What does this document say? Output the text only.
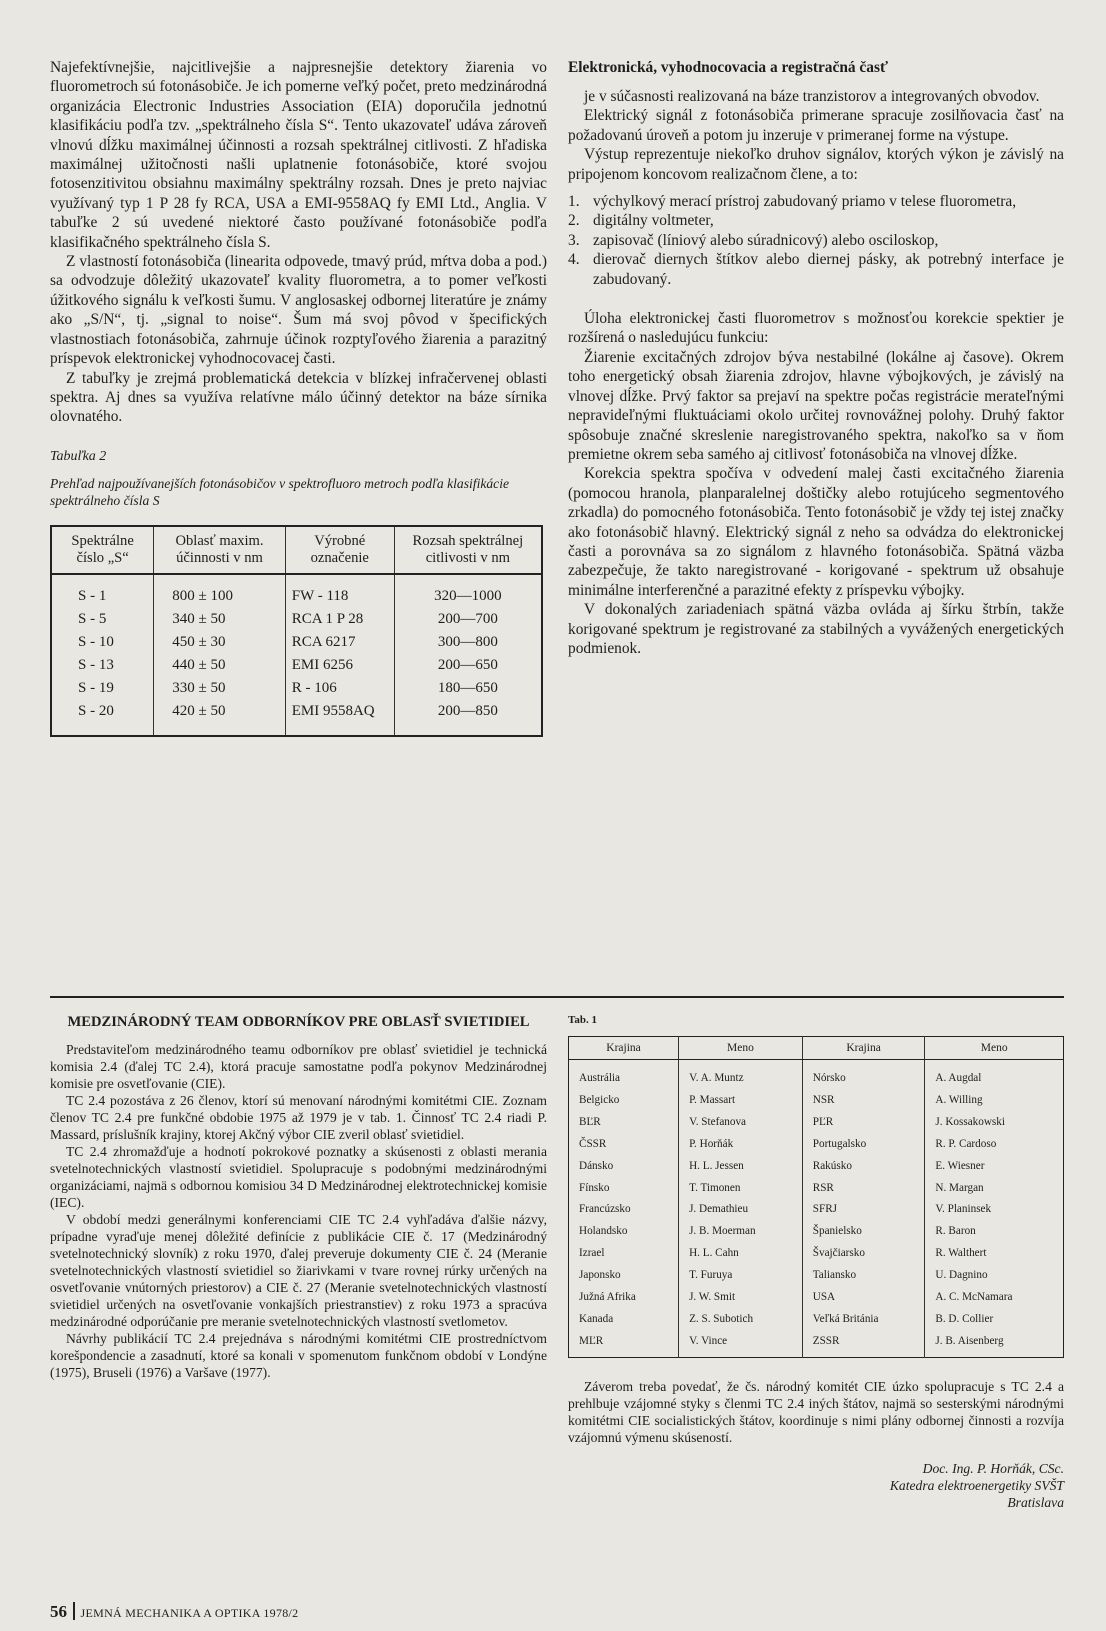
Najefektívnejšie, najcitlivejšie a najpresnejšie detektory žiarenia vo fluorometroch sú fotonásobiče. Je ich pomerne veľký počet, preto medzinárodná organizácia Electronic Industries Association (EIA) doporučila jednotnú klasifikáciu podľa tzv. „spektrálneho čísla S“. Tento ukazovateľ udáva zároveň vlnovú dĺžku maximálnej účinnosti a rozsah spektrálnej citlivosti. Z hľadiska maximálnej užitočnosti našli uplatnenie fotonásobiče, ktoré svojou fotosenzitivitou obsiahnu maximálny spektrálny rozsah. Dnes je preto najviac využívaný typ 1 P 28 fy RCA, USA a EMI-9558AQ fy EMI Ltd., Anglia. V tabuľke 2 sú uvedené niektoré často používané fotonásobiče podľa klasifikačného spektrálneho čísla S.

Z vlastností fotonásobiča (linearita odpovede, tmavý prúd, mŕtva doba a pod.) sa odvodzuje dôležitý ukazovateľ kvality fluorometra, a to pomer veľkosti úžitkového signálu k veľkosti šumu. V anglosaskej odbornej literatúre je známy ako „S/N“, tj. „signal to noise“. Šum má svoj pôvod v špecifických vlastnostiach fotonásobiča, zahrnuje účinok rozptyľového žiarenia a parazitný príspevok elektronickej vyhodnocovacej časti.

Z tabuľky je zrejmá problematická detekcia v blízkej infračervenej oblasti spektra. Aj dnes sa využíva relatívne málo účinný detektor na báze sírnika olovnatého.

Tabuľka 2
Prehľad najpoužívanejších fotonásobičov v spektrofluoro metroch podľa klasifikácie spektrálneho čísla S
Spektrálne číslo „S“	Oblasť maxim. účinnosti v nm	Výrobné označenie	Rozsah spektrálnej citlivosti v nm
S - 1	800 ± 100	FW - 118	320—1000
S - 5	340 ± 50	RCA 1 P 28	200—700
S - 10	450 ± 30	RCA 6217	300—800
S - 13	440 ± 50	EMI 6256	200—650
S - 19	330 ± 50	R - 106	180—650
S - 20	420 ± 50	EMI 9558AQ	200—850
Elektronická, vyhodnocovacia a registračná časť

je v súčasnosti realizovaná na báze tranzistorov a integrovaných obvodov.

Elektrický signál z fotonásobiča primerane spracuje zosilňovacia časť na požadovanú úroveň a potom ju inzeruje v primeranej forme na výstupe.

Výstup reprezentuje niekoľko druhov signálov, ktorých výkon je závislý na pripojenom koncovom realizačnom člene, a to:

1. výchylkový merací prístroj zabudovaný priamo v telese fluorometra,
2. digitálny voltmeter,
3. zapisovač (líniový alebo súradnicový) alebo osciloskop,
4. dierovač diernych štítkov alebo diernej pásky, ak potrebný interface je zabudovaný.

Úloha elektronickej časti fluorometrov s možnosťou korekcie spektier je rozšírená o nasledujúcu funkciu:

Žiarenie excitačných zdrojov býva nestabilné (lokálne aj časove). Okrem toho energetický obsah žiarenia zdrojov, hlavne výbojkových, je závislý na vlnovej dĺžke. Prvý faktor sa prejaví na spektre počas registrácie merateľnými nepravideľnými fluktuáciami okolo určitej rovnovážnej polohy. Druhý faktor spôsobuje značné skreslenie naregistrovaného spektra, nakoľko sa v ňom premietne okrem seba samého aj citlivosť fotonásobiča na vlnovej dĺžke.

Korekcia spektra spočíva v odvedení malej časti excitačného žiarenia (pomocou hranola, planparalelnej doštičky alebo rotujúceho segmentového zrkadla) do pomocného fotonásobiča. Tento fotonásobič je vždy tej istej značky ako fotonásobič hlavný. Elektrický signál z neho sa odvádza do elektronickej časti a porovnáva sa zo signálom z hlavného fotonásobiča. Spätná väzba zabezpečuje, že takto naregistrované - korigované - spektrum už obsahuje minimálne interferenčné a parazitné efekty z príspevku výbojky.

V dokonalých zariadeniach spätná väzba ovláda aj šírku štrbín, takže korigované spektrum je registrované za stabilných a vyvážených energetických podmienok.

MEDZINÁRODNÝ TEAM ODBORNÍKOV PRE OBLASŤ SVIETIDIEL

Predstaviteľom medzinárodného teamu odborníkov pre oblasť svietidiel je technická komisia 2.4 (ďalej TC 2.4), ktorá pracuje samostatne podľa pokynov Medzinárodnej komisie pre osvetľovanie (CIE).

TC 2.4 pozostáva z 26 členov, ktorí sú menovaní národnými komitétmi CIE. Zoznam členov TC 2.4 pre funkčné obdobie 1975 až 1979 je v tab. 1. Činnosť TC 2.4 riadi P. Massard, príslušník krajiny, ktorej Akčný výbor CIE zveril oblasť svietidiel.

TC 2.4 zhromažďuje a hodnotí pokrokové poznatky a skúsenosti z oblasti merania svetelnotechnických vlastností svietidiel. Spolupracuje s podobnými medzinárodnými organizáciami, najmä s odbornou komisiou 34 D Medzinárodnej elektrotechnickej komisie (IEC).

V období medzi generálnymi konferenciami CIE TC 2.4 vyhľadáva ďalšie názvy, prípadne vyraďuje menej dôležité definície z publikácie CIE č. 17 (Medzinárodný svetelnotechnický slovník) z roku 1970, ďalej preveruje dokumenty CIE č. 24 (Meranie svetelnotechnických vlastností svietidiel so žiarivkami v tvare rovnej rúrky určených na osvetľovanie vnútorných priestorov) a CIE č. 27 (Meranie svetelnotechnických vlastností svietidiel určených na osvetľovanie vonkajších priestranstiev) z roku 1973 a spracúva medzinárodné odporúčanie pre meranie svetelnotechnických vlastností svetlometov.

Návrhy publikácií TC 2.4 prejednáva s národnými komitétmi CIE prostredníctvom korešpondencie a zasadnutí, ktoré sa konali v spomenutom funkčnom období v Londýne (1975), Bruseli (1976) a Varšave (1977).

Tab. 1
Krajina	Meno	Krajina	Meno
Austrália	V. A. Muntz	Nórsko	A. Augdal
Belgicko	P. Massart	NSR	A. Willing
BĽR	V. Stefanova	PĽR	J. Kossakowski
ČSSR	P. Horňák	Portugalsko	R. P. Cardoso
Dánsko	H. L. Jessen	Rakúsko	E. Wiesner
Fínsko	T. Timonen	RSR	N. Margan
Francúzsko	J. Demathieu	SFRJ	V. Planinsek
Holandsko	J. B. Moerman	Španielsko	R. Baron
Izrael	H. L. Cahn	Švajčiarsko	R. Walthert
Japonsko	T. Furuya	Taliansko	U. Dagnino
Južná Afrika	J. W. Smit	USA	A. C. McNamara
Kanada	Z. S. Subotich	Veľká Británia	B. D. Collier
MĽR	V. Vince	ZSSR	J. B. Aisenberg

Záverom treba povedať, že čs. národný komitét CIE úzko spolupracuje s TC 2.4 a prehlbuje vzájomné styky s členmi TC 2.4 iných štátov, najmä so sesterskými národnými komitétmi CIE socialistických štátov, koordinuje s nimi plány odbornej činnosti a rozvíja vzájomnú výmenu skúseností.

Doc. Ing. P. Horňák, CSc.
Katedra elektroenergetiky SVŠT
Bratislava
56 JEMNÁ MECHANIKA A OPTIKA 1978/2
